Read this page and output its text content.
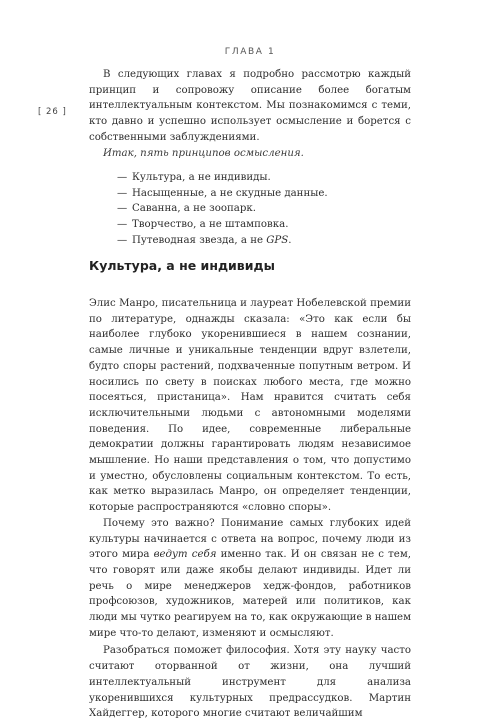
ГЛАВА 1
[ 26 ]

В следующих главах я подробно рассмотрю каждый принцип и сопровожу описание более богатым интеллектуальным контекстом. Мы познакомимся с теми, кто давно и успешно использует осмысление и борется с собственными заблуждениями.

Итак, пять принципов осмысления.

— Культура, а не индивиды.
— Насыщенные, а не скудные данные.
— Саванна, а не зоопарк.
— Творчество, а не штамповка.
— Путеводная звезда, а не GPS.
Культура, а не индивиды

Элис Манро, писательница и лауреат Нобелевской премии по литературе, однажды сказала: «Это как если бы наиболее глубоко укоренившиеся в нашем сознании, самые личные и уникальные тенденции вдруг взлетели, будто споры растений, подхваченные попутным ветром. И носились по свету в поисках любого места, где можно посеяться, пристаница». Нам нравится считать себя исключительными людьми с автономными моделями поведения. По идее, современные либеральные демократии должны гарантировать людям независимое мышление. Но наши представления о том, что допустимо и уместно, обусловлены социальным контекстом. То есть, как метко выразилась Манро, он определяет тенденции, которые распространяются «словно споры».

Почему это важно? Понимание самых глубоких идей культуры начинается с ответа на вопрос, почему люди из этого мира ведут себя именно так. И он связан не с тем, что говорят или даже якобы делают индивиды. Идет ли речь о мире менеджеров хедж-фондов, работников профсоюзов, художников, матерей или политиков, как люди мы чутко реагируем на то, как окружающие в нашем мире что-то делают, изменяют и осмысляют.

Разобраться поможет философия. Хотя эту науку часто считают оторванной от жизни, она лучший интеллектуальный инструмент для анализа укоренившихся культурных предрассудков. Мартин Хайдеггер, которого многие считают величайшим
